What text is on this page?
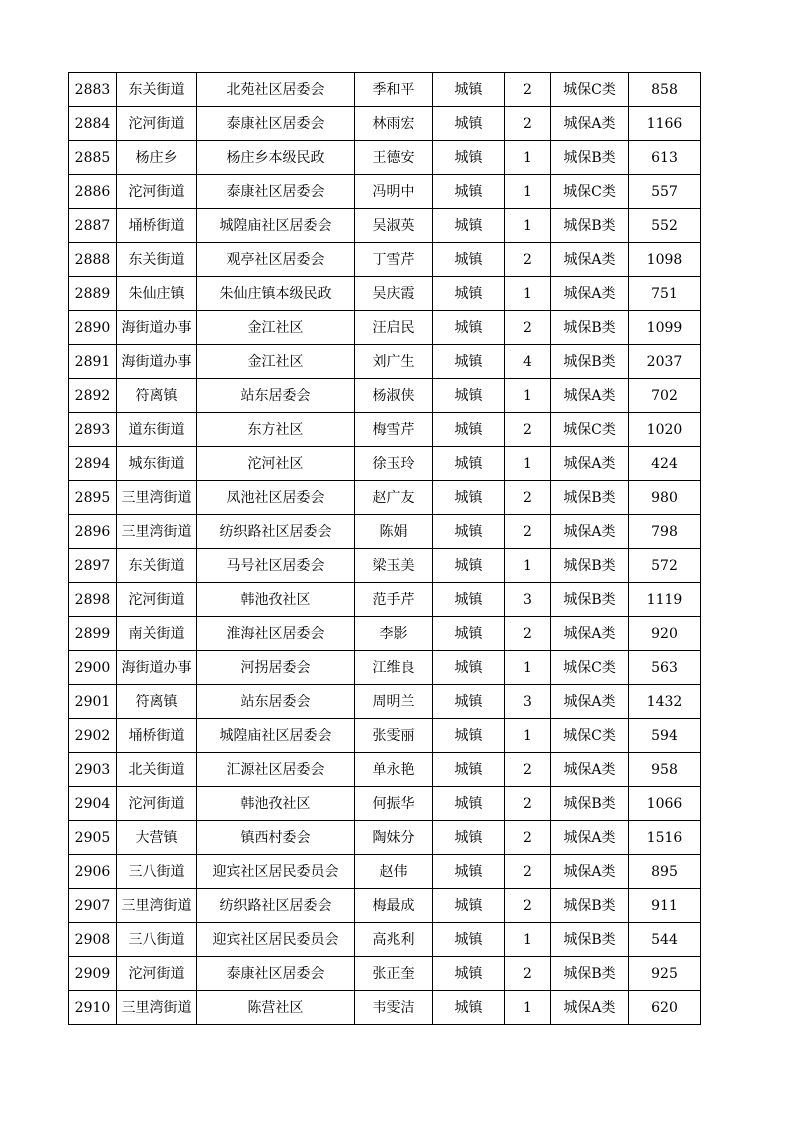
2883	东关街道	北苑社区居委会	季和平	城镇	2	城保C类	858
2884	沱河街道	泰康社区居委会	林雨宏	城镇	2	城保A类	1166
2885	杨庄乡	杨庄乡本级民政	王德安	城镇	1	城保B类	613
2886	沱河街道	泰康社区居委会	冯明中	城镇	1	城保C类	557
2887	埇桥街道	城隍庙社区居委会	吴淑英	城镇	1	城保B类	552
2888	东关街道	观亭社区居委会	丁雪芹	城镇	2	城保A类	1098
2889	朱仙庄镇	朱仙庄镇本级民政	吴庆霞	城镇	1	城保A类	751
2890	海街道办事	金江社区	汪启民	城镇	2	城保B类	1099
2891	海街道办事	金江社区	刘广生	城镇	4	城保B类	2037
2892	符离镇	站东居委会	杨淑侠	城镇	1	城保A类	702
2893	道东街道	东方社区	梅雪芹	城镇	2	城保C类	1020
2894	城东街道	沱河社区	徐玉玲	城镇	1	城保A类	424
2895	三里湾街道	凤池社区居委会	赵广友	城镇	2	城保B类	980
2896	三里湾街道	纺织路社区居委会	陈娟	城镇	2	城保A类	798
2897	东关街道	马号社区居委会	梁玉美	城镇	1	城保B类	572
2898	沱河街道	韩池孜社区	范手芹	城镇	3	城保B类	1119
2899	南关街道	淮海社区居委会	李影	城镇	2	城保A类	920
2900	海街道办事	河拐居委会	江维良	城镇	1	城保C类	563
2901	符离镇	站东居委会	周明兰	城镇	3	城保A类	1432
2902	埇桥街道	城隍庙社区居委会	张雯丽	城镇	1	城保C类	594
2903	北关街道	汇源社区居委会	单永艳	城镇	2	城保A类	958
2904	沱河街道	韩池孜社区	何振华	城镇	2	城保B类	1066
2905	大营镇	镇西村委会	陶妹分	城镇	2	城保A类	1516
2906	三八街道	迎宾社区居民委员会	赵伟	城镇	2	城保A类	895
2907	三里湾街道	纺织路社区居委会	梅最成	城镇	2	城保B类	911
2908	三八街道	迎宾社区居民委员会	高兆利	城镇	1	城保B类	544
2909	沱河街道	泰康社区居委会	张正奎	城镇	2	城保B类	925
2910	三里湾街道	陈营社区	韦雯洁	城镇	1	城保A类	620
